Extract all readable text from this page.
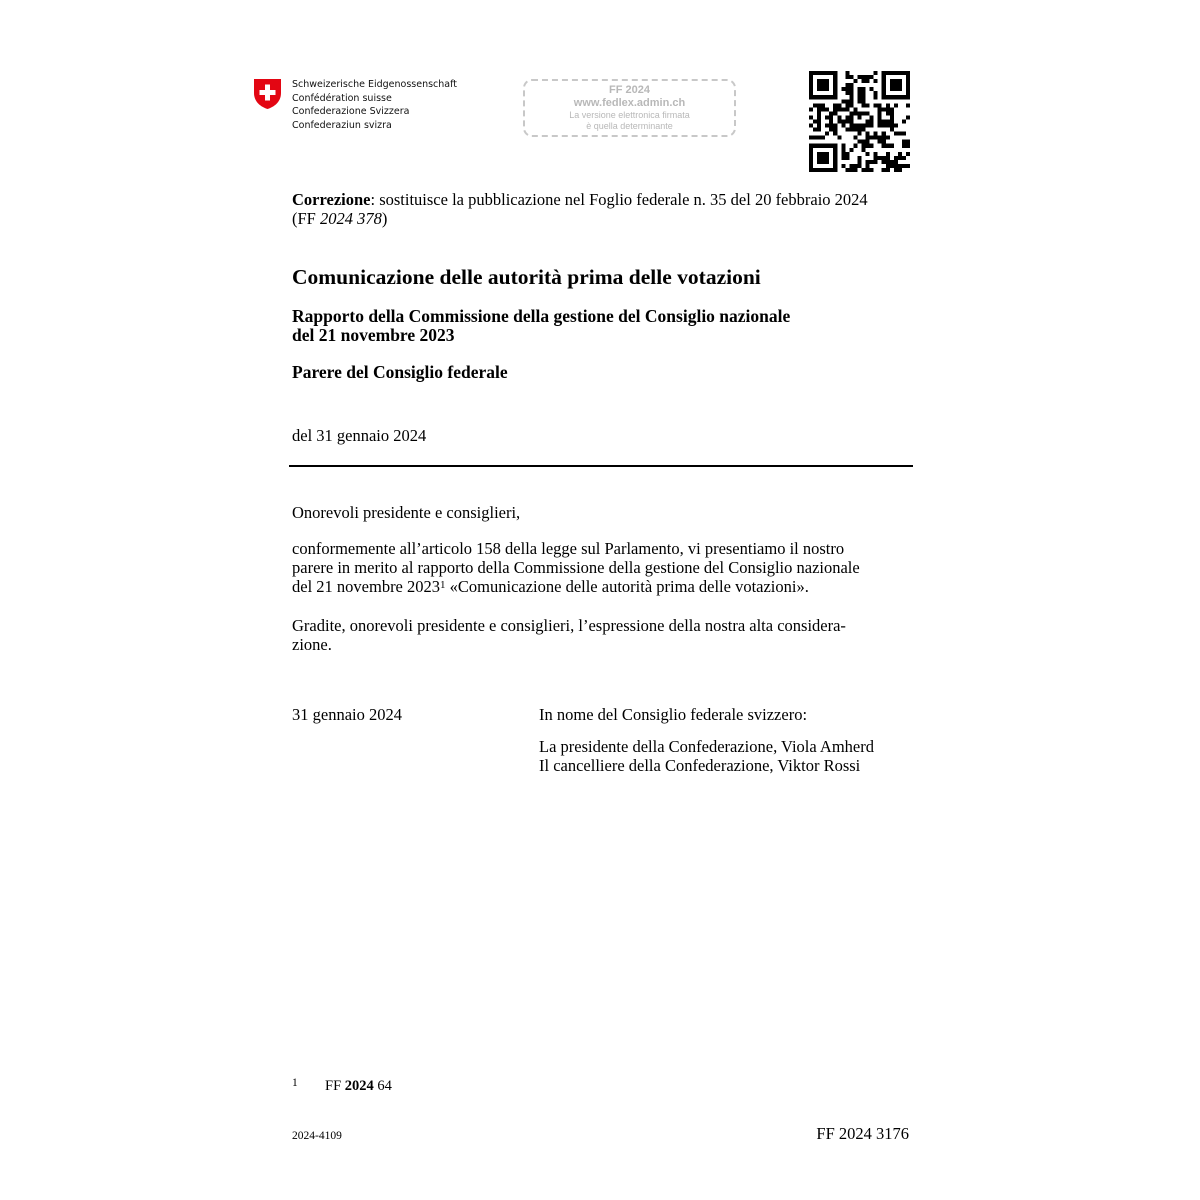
Schweizerische Eidgenossenschaft
Confédération suisse
Confederazione Svizzera
Confederaziun svizra
FF 2024
www.fedlex.admin.ch
La versione elettronica firmata
è quella determinante
Correzione: sostituisce la pubblicazione nel Foglio federale n. 35 del 20 febbraio 2024
(FF 2024 378)
Comunicazione delle autorità prima delle votazioni
Rapporto della Commissione della gestione del Consiglio nazionale
del 21 novembre 2023
Parere del Consiglio federale
del 31 gennaio 2024
Onorevoli presidente e consiglieri,
conformemente all’articolo 158 della legge sul Parlamento, vi presentiamo il nostro
parere in merito al rapporto della Commissione della gestione del Consiglio nazionale
del 21 novembre 2023$^1$ «Comunicazione delle autorità prima delle votazioni».
Gradite, onorevoli presidente e consiglieri, l’espressione della nostra alta considera-
zione.
31 gennaio 2024	In nome del Consiglio federale svizzero:
La presidente della Confederazione, Viola Amherd
Il cancelliere della Confederazione, Viktor Rossi
1 FF 2024 64
2024-4109	FF 2024 3176
